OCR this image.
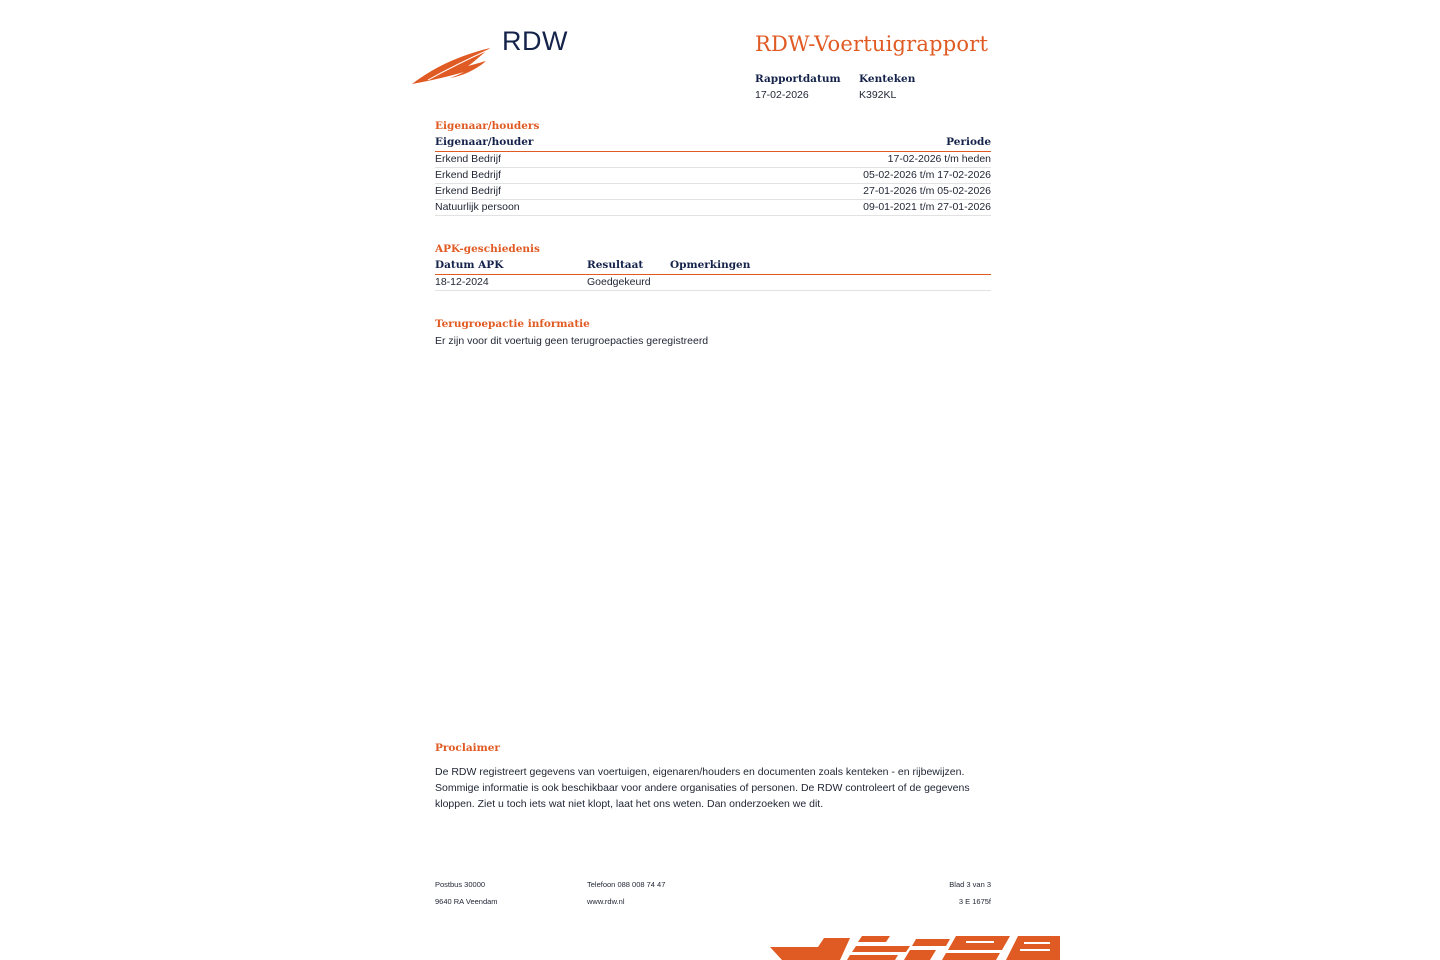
RDW	RDW-Voertuigrapport
Rapportdatum
17-02-2026
Kenteken
K392KL
Eigenaar/houders
Eigenaar/houder	Periode
Erkend Bedrijf	17-02-2026 t/m heden
Erkend Bedrijf	05-02-2026 t/m 17-02-2026
Erkend Bedrijf	27-01-2026 t/m 05-02-2026
Natuurlijk persoon	09-01-2021 t/m 27-01-2026
APK-geschiedenis
Datum APK	Resultaat	Opmerkingen
18-12-2024	Goedgekeurd
Terugroepactie informatie
Er zijn voor dit voertuig geen terugroepacties geregistreerd
Proclaimer
De RDW registreert gegevens van voertuigen, eigenaren/houders en documenten zoals kenteken - en rijbewijzen.
Sommige informatie is ook beschikbaar voor andere organisaties of personen. De RDW controleert of de gegevens
kloppen. Ziet u toch iets wat niet klopt, laat het ons weten. Dan onderzoeken we dit.
Postbus 30000
9640 RA Veendam
Telefoon 088 008 74 47
www.rdw.nl
Blad 3 van 3
3 E 1675f
